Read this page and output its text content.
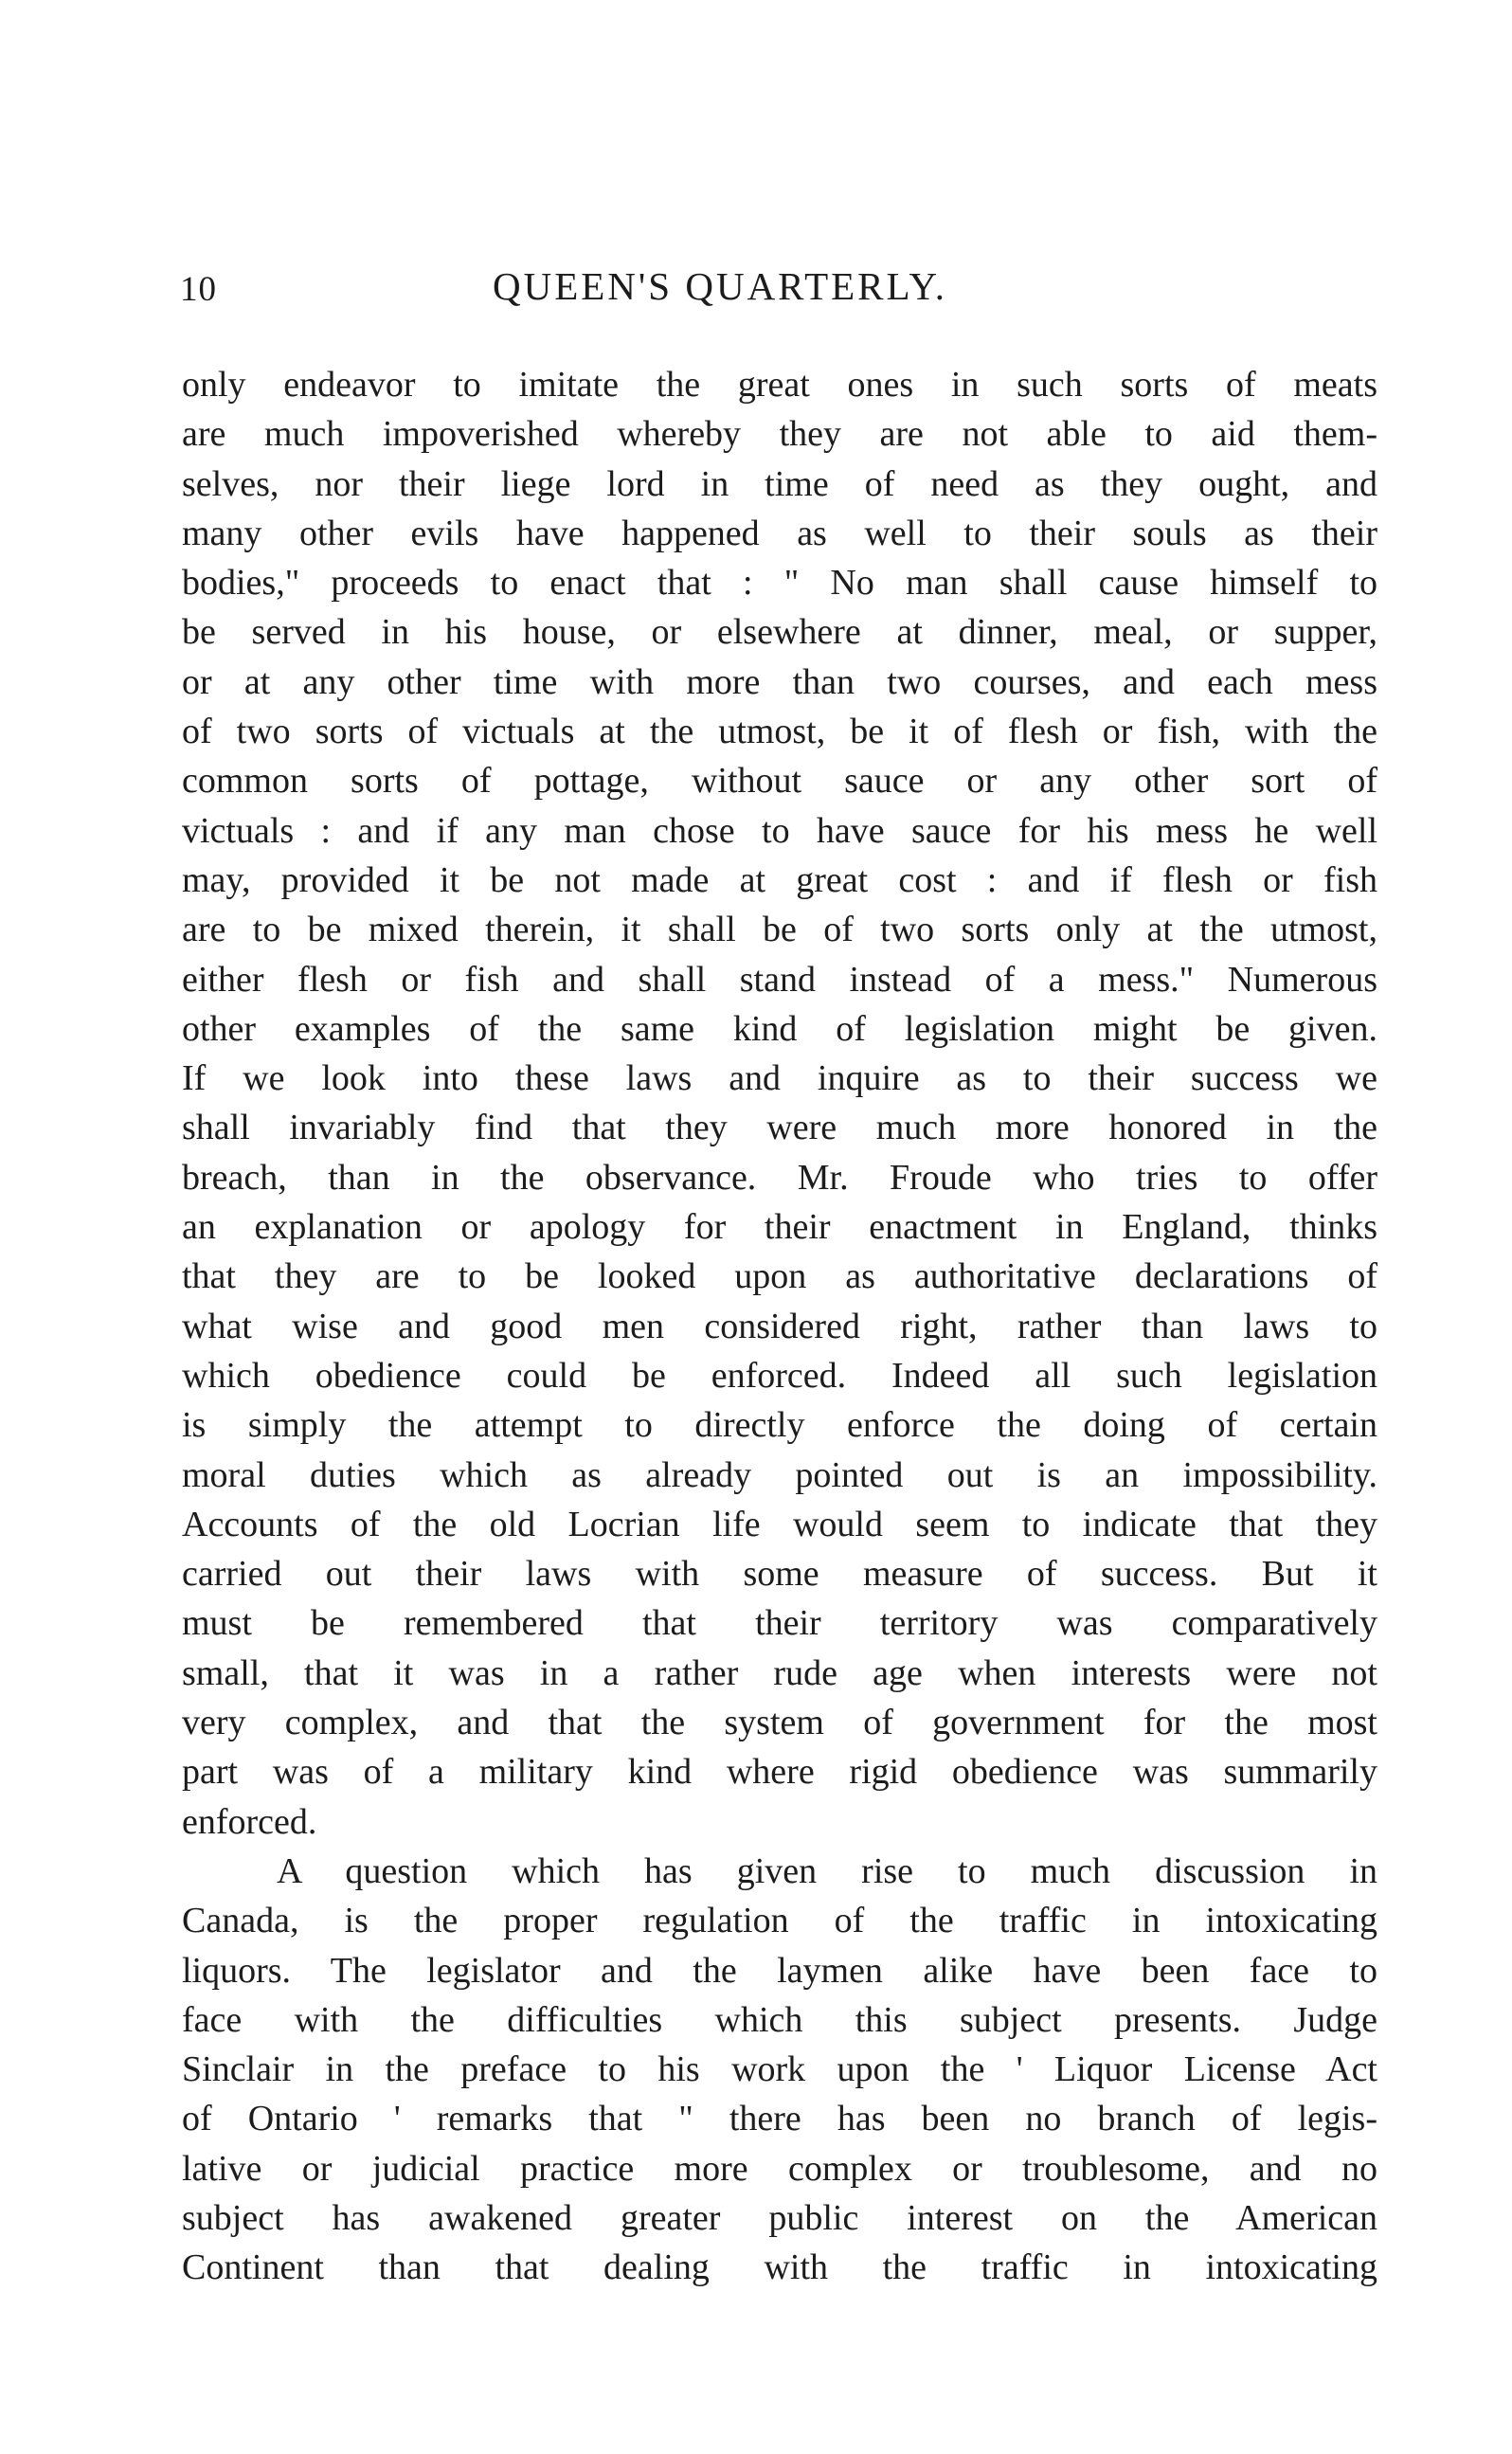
10	QUEEN'S QUARTERLY.
only endeavor to imitate the great ones in such sorts of meats
are much impoverished whereby they are not able to aid them-
selves, nor their liege lord in time of need as they ought, and
many other evils have happened as well to their souls as their
bodies," proceeds to enact that : " No man shall cause himself to
be served in his house, or elsewhere at dinner, meal, or supper,
or at any other time with more than two courses, and each mess
of two sorts of victuals at the utmost, be it of flesh or fish, with the
common sorts of pottage, without sauce or any other sort of
victuals : and if any man chose to have sauce for his mess he well
may, provided it be not made at great cost : and if flesh or fish
are to be mixed therein, it shall be of two sorts only at the utmost,
either flesh or fish and shall stand instead of a mess." Numerous
other examples of the same kind of legislation might be given.
If we look into these laws and inquire as to their success we
shall invariably find that they were much more honored in the
breach, than in the observance. Mr. Froude who tries to offer
an explanation or apology for their enactment in England, thinks
that they are to be looked upon as authoritative declarations of
what wise and good men considered right, rather than laws to
which obedience could be enforced. Indeed all such legislation
is simply the attempt to directly enforce the doing of certain
moral duties which as already pointed out is an impossibility.
Accounts of the old Locrian life would seem to indicate that they
carried out their laws with some measure of success. But it
must be remembered that their territory was comparatively
small, that it was in a rather rude age when interests were not
very complex, and that the system of government for the most
part was of a military kind where rigid obedience was summarily
enforced.
A question which has given rise to much discussion in
Canada, is the proper regulation of the traffic in intoxicating
liquors. The legislator and the laymen alike have been face to
face with the difficulties which this subject presents. Judge
Sinclair in the preface to his work upon the ' Liquor License Act
of Ontario ' remarks that " there has been no branch of legis-
lative or judicial practice more complex or troublesome, and no
subject has awakened greater public interest on the American
Continent than that dealing with the traffic in intoxicating
